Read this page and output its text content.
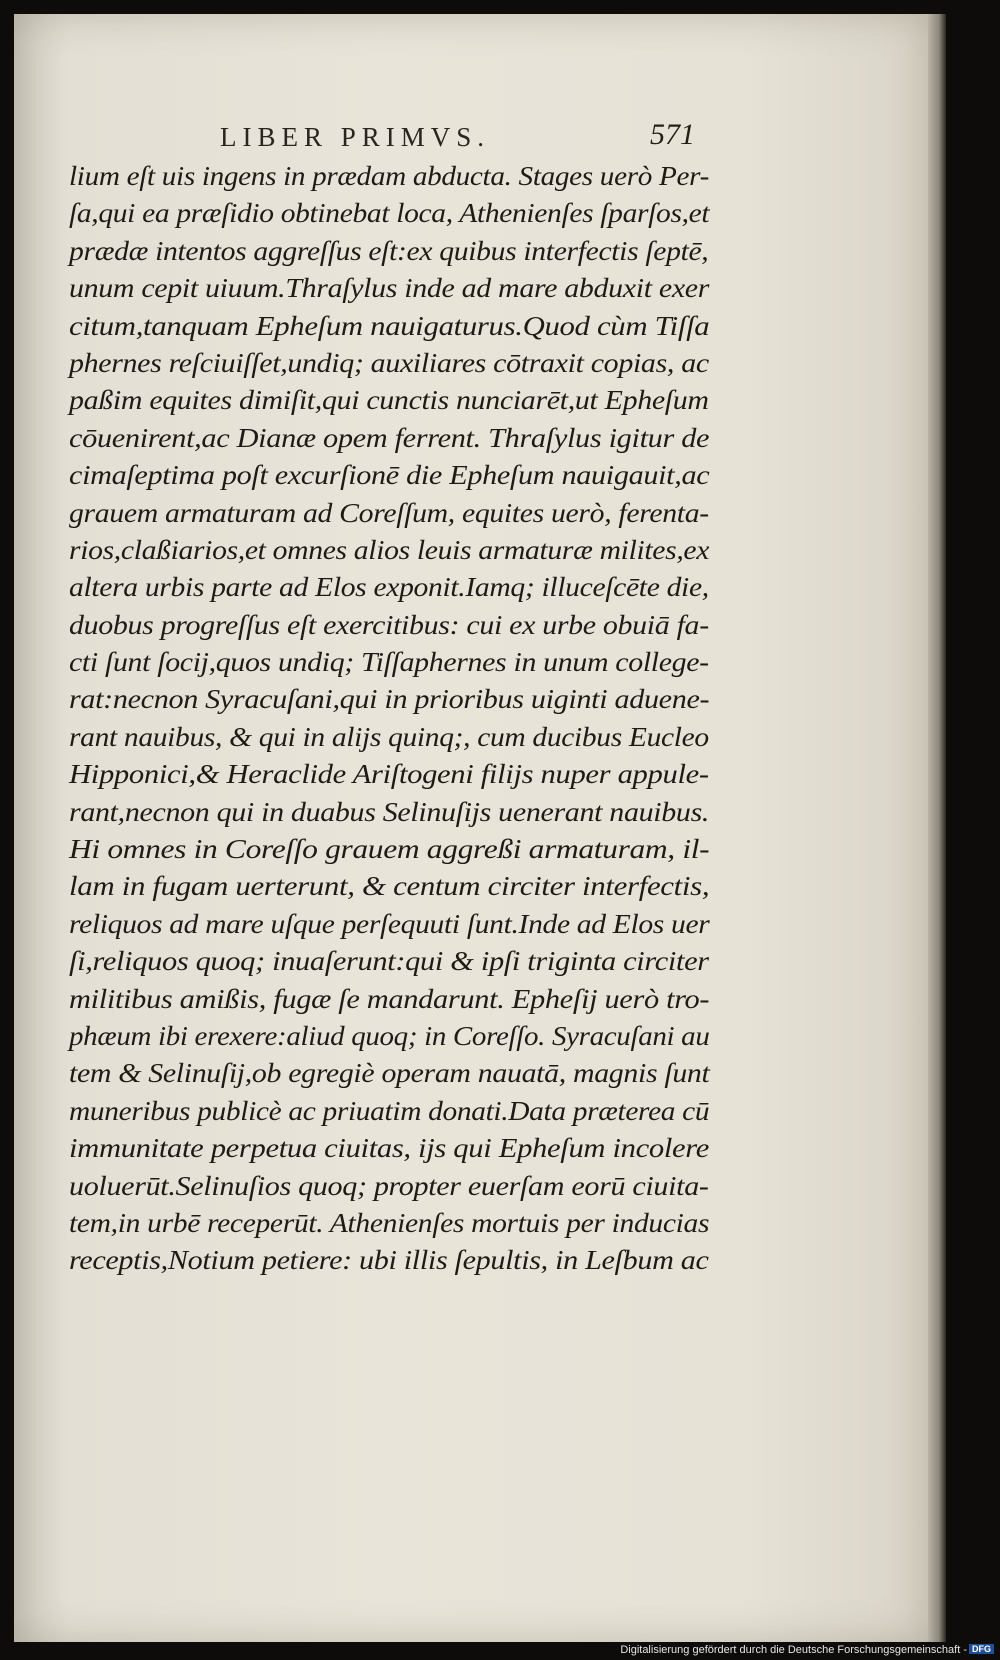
LIBER PRIMVS.	571
lium eſt uis ingens in prædam abducta. Stages uerò Per-
ſa,qui ea præſidio obtinebat loca, Athenienſes ſparſos,et
prædæ intentos aggreſſus eſt:ex quibus interfectis ſeptē,
unum cepit uiuum.Thraſylus inde ad mare abduxit exer
citum,tanquam Epheſum nauigaturus.Quod cùm Tiſſa
phernes reſciuiſſet,undiq; auxiliares cōtraxit copias, ac
paßim equites dimiſit,qui cunctis nunciarēt,ut Epheſum
cōuenirent,ac Dianæ opem ferrent. Thraſylus igitur de
cimaſeptima poſt excurſionē die Epheſum nauigauit,ac
grauem armaturam ad Coreſſum, equites uerò, ferenta-
rios,claßiarios,et omnes alios leuis armaturæ milites,ex
altera urbis parte ad Elos exponit.Iamq; illuceſcēte die,
duobus progreſſus eſt exercitibus: cui ex urbe obuiā fa-
cti ſunt ſocij,quos undiq; Tiſſaphernes in unum college-
rat:necnon Syracuſani,qui in prioribus uiginti aduene-
rant nauibus, & qui in alijs quinq;, cum ducibus Eucleo
Hipponici,& Heraclide Ariſtogeni filijs nuper appule-
rant,necnon qui in duabus Selinuſijs uenerant nauibus.
Hi omnes in Coreſſo grauem aggreßi armaturam, il-
lam in fugam uerterunt, & centum circiter interfectis,
reliquos ad mare uſque perſequuti ſunt.Inde ad Elos uer
ſi,reliquos quoq; inuaſerunt:qui & ipſi triginta circiter
militibus amißis, fugæ ſe mandarunt. Epheſij uerò tro-
phæum ibi erexere:aliud quoq; in Coreſſo. Syracuſani au
tem & Selinuſij,ob egregiè operam nauatā, magnis ſunt
muneribus publicè ac priuatim donati.Data præterea cū
immunitate perpetua ciuitas, ijs qui Epheſum incolere
uoluerūt.Selinuſios quoq; propter euerſam eorū ciuita-
tem,in urbē receperūt. Athenienſes mortuis per inducias
receptis,Notium petiere: ubi illis ſepultis, in Leſbum ac
Digitalisierung gefördert durch die Deutsche Forschungsgemeinschaft - DFG
